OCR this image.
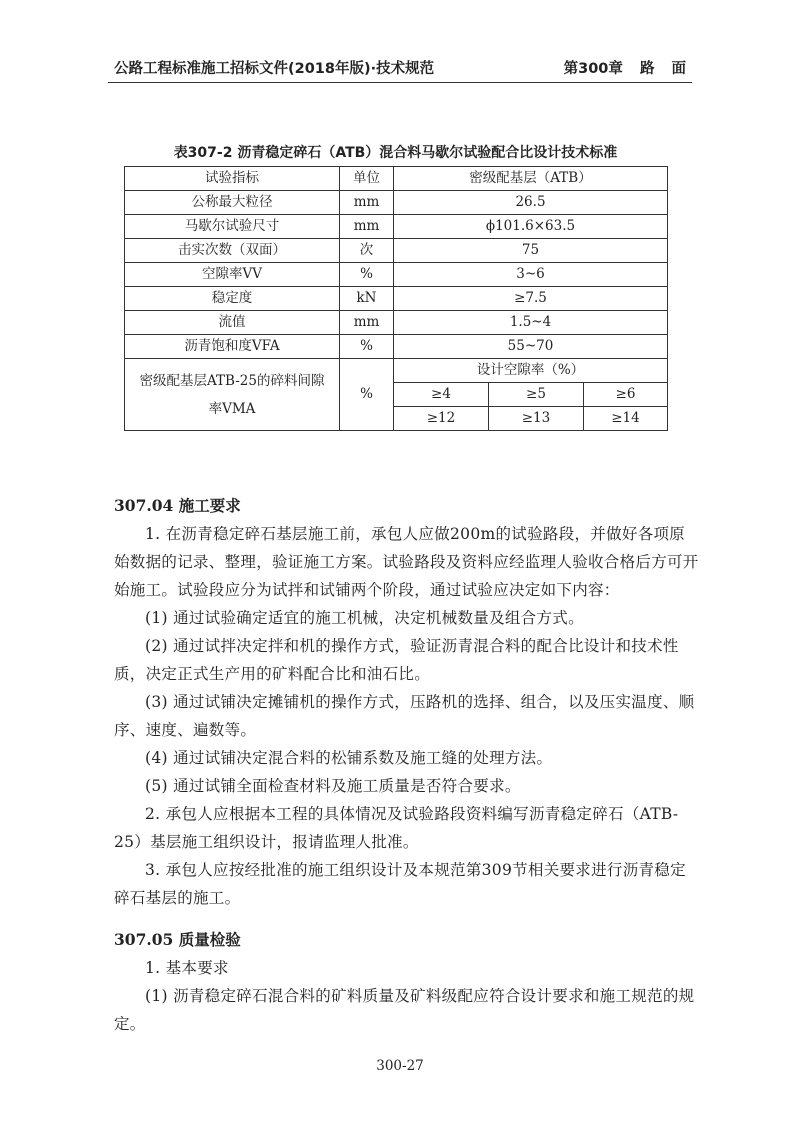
公路工程标准施工招标文件(2018年版)·技术规范	第300章 路 面
表307-2 沥青稳定碎石（ATB）混合料马歇尔试验配合比设计技术标准
试验指标	单位	密级配基层（ATB）		
公称最大粒径	mm	26.5		
马歇尔试验尺寸	mm	ϕ101.6×63.5		
击实次数（双面）	次	75		
空隙率VV	%	3~6		
稳定度	kN	≥7.5		
流值	mm	1.5~4		
沥青饱和度VFA	%	55~70		
密级配基层ATB-25的碎料间隙率VMA	%	设计空隙率（%）		
		≥4	≥5	≥6
		≥12	≥13	≥14
307.04 施工要求

1. 在沥青稳定碎石基层施工前，承包人应做200m的试验路段，并做好各项原始数据的记录、整理，验证施工方案。试验路段及资料应经监理人验收合格后方可开始施工。试验段应分为试拌和试铺两个阶段，通过试验应决定如下内容：

(1) 通过试验确定适宜的施工机械，决定机械数量及组合方式。

(2) 通过试拌决定拌和机的操作方式，验证沥青混合料的配合比设计和技术性质，决定正式生产用的矿料配合比和油石比。

(3) 通过试铺决定摊铺机的操作方式，压路机的选择、组合，以及压实温度、顺序、速度、遍数等。

(4) 通过试铺决定混合料的松铺系数及施工缝的处理方法。

(5) 通过试铺全面检查材料及施工质量是否符合要求。

2. 承包人应根据本工程的具体情况及试验路段资料编写沥青稳定碎石（ATB-25）基层施工组织设计，报请监理人批准。

3. 承包人应按经批准的施工组织设计及本规范第309节相关要求进行沥青稳定碎石基层的施工。

307.05 质量检验

1. 基本要求

(1) 沥青稳定碎石混合料的矿料质量及矿料级配应符合设计要求和施工规范的规定。

300-27
